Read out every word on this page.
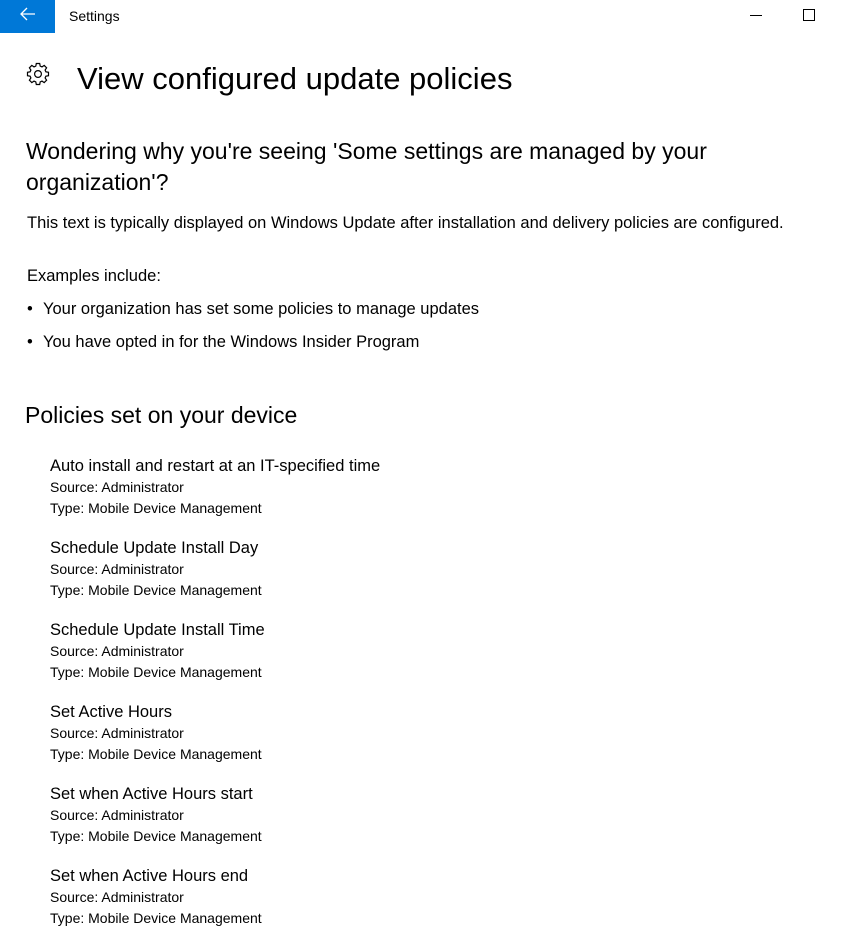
Settings
View configured update policies
Wondering why you're seeing 'Some settings are managed by your organization'?

This text is typically displayed on Windows Update after installation and delivery policies are configured.

Examples include:

• Your organization has set some policies to manage updates
• You have opted in for the Windows Insider Program
Policies set on your device
Auto install and restart at an IT-specified time
Source: Administrator
Type: Mobile Device Management
Schedule Update Install Day
Source: Administrator
Type: Mobile Device Management
Schedule Update Install Time
Source: Administrator
Type: Mobile Device Management
Set Active Hours
Source: Administrator
Type: Mobile Device Management
Set when Active Hours start
Source: Administrator
Type: Mobile Device Management
Set when Active Hours end
Source: Administrator
Type: Mobile Device Management
